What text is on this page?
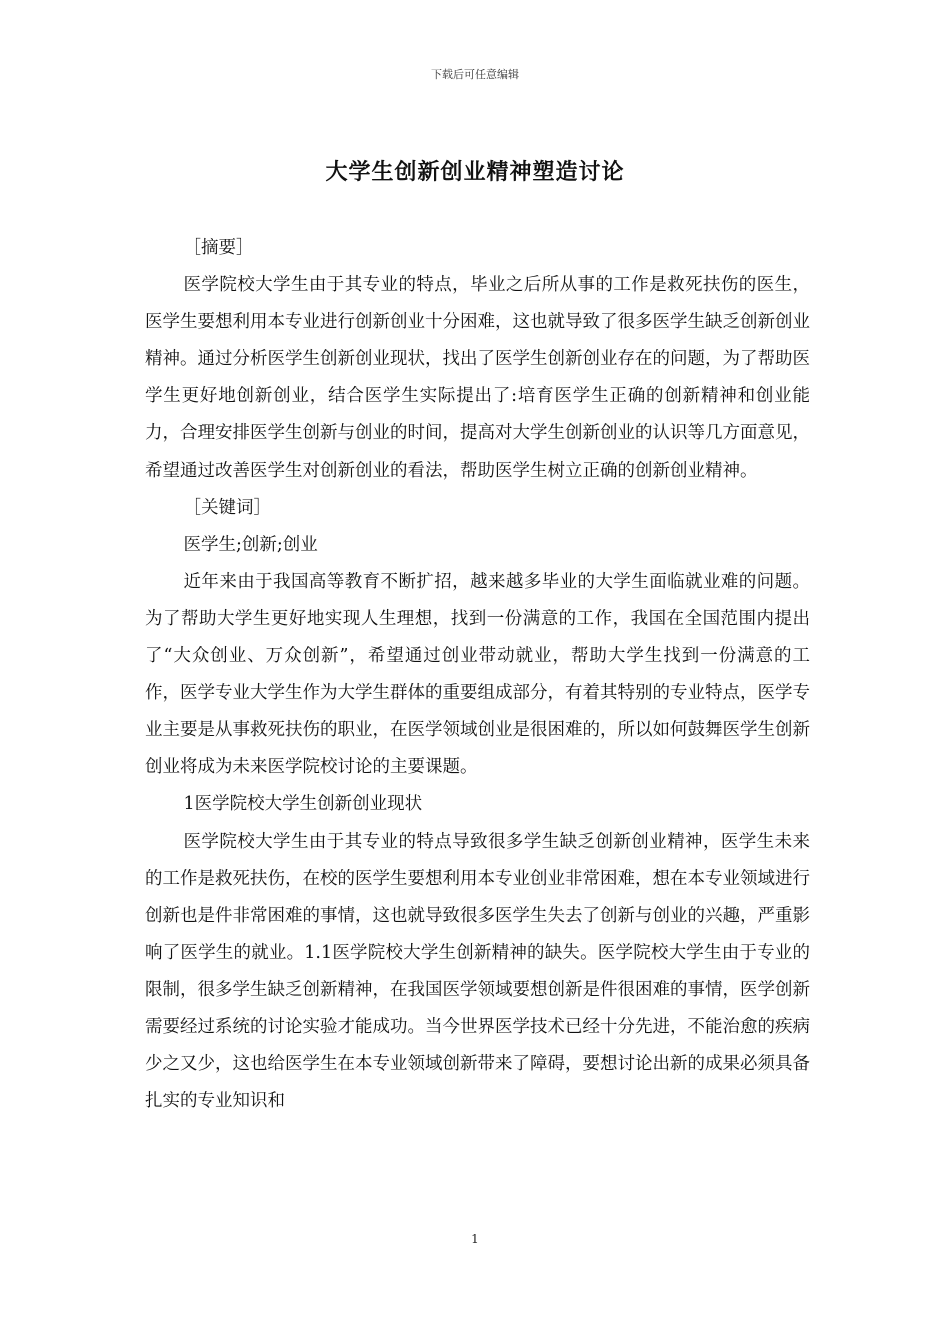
下载后可任意编辑
大学生创新创业精神塑造讨论

［摘要］

医学院校大学生由于其专业的特点，毕业之后所从事的工作是救死扶伤的医生，医学生要想利用本专业进行创新创业十分困难，这也就导致了很多医学生缺乏创新创业精神。通过分析医学生创新创业现状，找出了医学生创新创业存在的问题，为了帮助医学生更好地创新创业，结合医学生实际提出了:培育医学生正确的创新精神和创业能力，合理安排医学生创新与创业的时间，提高对大学生创新创业的认识等几方面意见，希望通过改善医学生对创新创业的看法，帮助医学生树立正确的创新创业精神。

［关键词］

医学生;创新;创业

近年来由于我国高等教育不断扩招，越来越多毕业的大学生面临就业难的问题。为了帮助大学生更好地实现人生理想，找到一份满意的工作，我国在全国范围内提出了“大众创业、万众创新”，希望通过创业带动就业，帮助大学生找到一份满意的工作，医学专业大学生作为大学生群体的重要组成部分，有着其特别的专业特点，医学专业主要是从事救死扶伤的职业，在医学领域创业是很困难的，所以如何鼓舞医学生创新创业将成为未来医学院校讨论的主要课题。

1医学院校大学生创新创业现状

医学院校大学生由于其专业的特点导致很多学生缺乏创新创业精神，医学生未来的工作是救死扶伤，在校的医学生要想利用本专业创业非常困难，想在本专业领域进行创新也是件非常困难的事情，这也就导致很多医学生失去了创新与创业的兴趣，严重影响了医学生的就业。1.1医学院校大学生创新精神的缺失。医学院校大学生由于专业的限制，很多学生缺乏创新精神，在我国医学领域要想创新是件很困难的事情，医学创新需要经过系统的讨论实验才能成功。当今世界医学技术已经十分先进，不能治愈的疾病少之又少，这也给医学生在本专业领域创新带来了障碍，要想讨论出新的成果必须具备扎实的专业知识和

1
